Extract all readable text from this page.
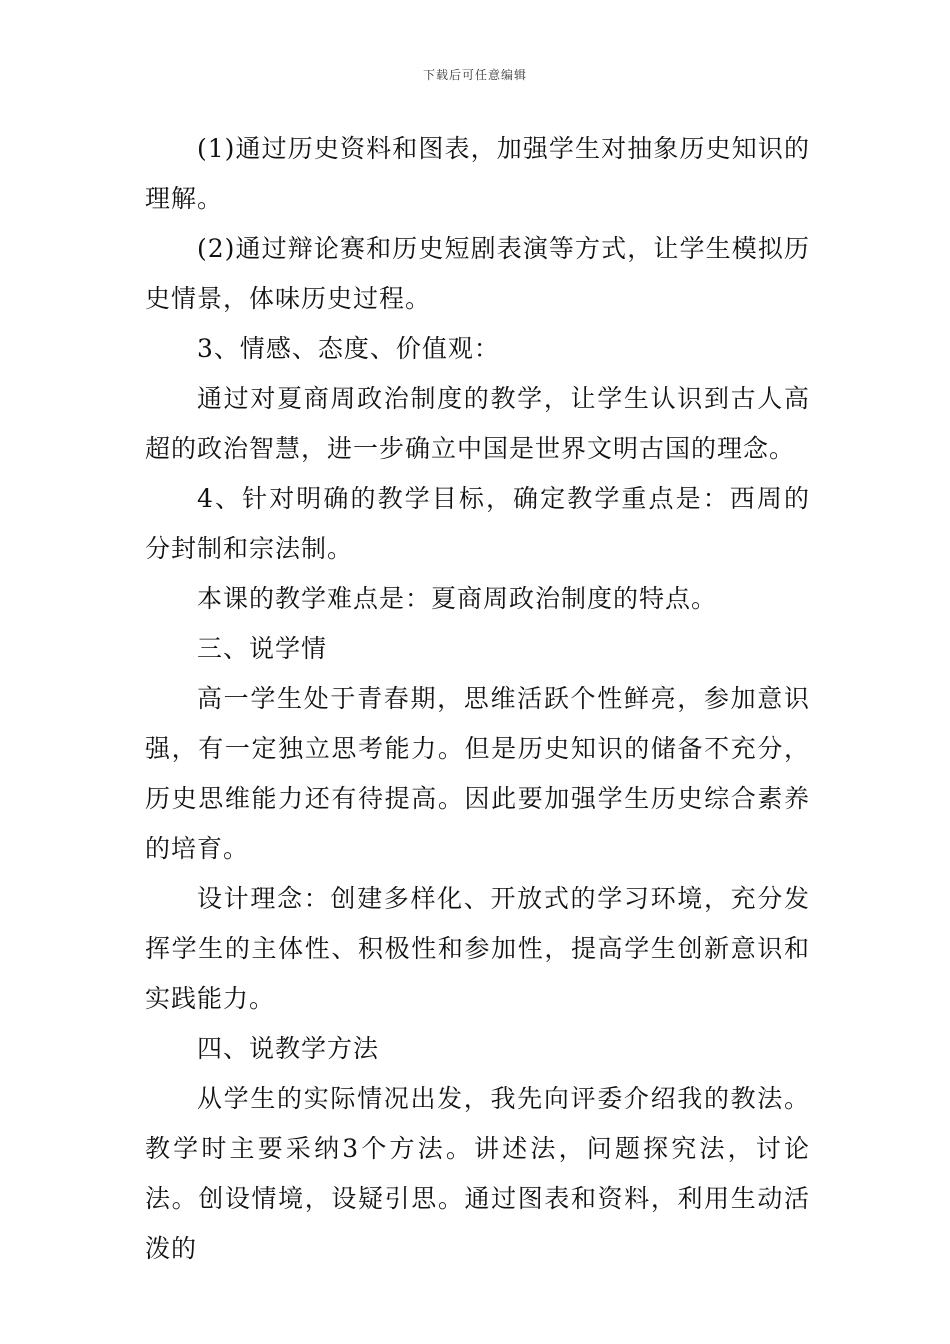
下载后可任意编辑

(1)通过历史资料和图表，加强学生对抽象历史知识的理解。

(2)通过辩论赛和历史短剧表演等方式，让学生模拟历史情景，体味历史过程。

3、情感、态度、价值观：

通过对夏商周政治制度的教学，让学生认识到古人高超的政治智慧，进一步确立中国是世界文明古国的理念。

4、针对明确的教学目标，确定教学重点是：西周的分封制和宗法制。

本课的教学难点是：夏商周政治制度的特点。

三、说学情

高一学生处于青春期，思维活跃个性鲜亮，参加意识强，有一定独立思考能力。但是历史知识的储备不充分，历史思维能力还有待提高。因此要加强学生历史综合素养的培育。

设计理念：创建多样化、开放式的学习环境，充分发挥学生的主体性、积极性和参加性，提高学生创新意识和实践能力。

四、说教学方法

从学生的实际情况出发，我先向评委介绍我的教法。教学时主要采纳3个方法。讲述法，问题探究法，讨论法。创设情境，设疑引思。通过图表和资料，利用生动活泼的
